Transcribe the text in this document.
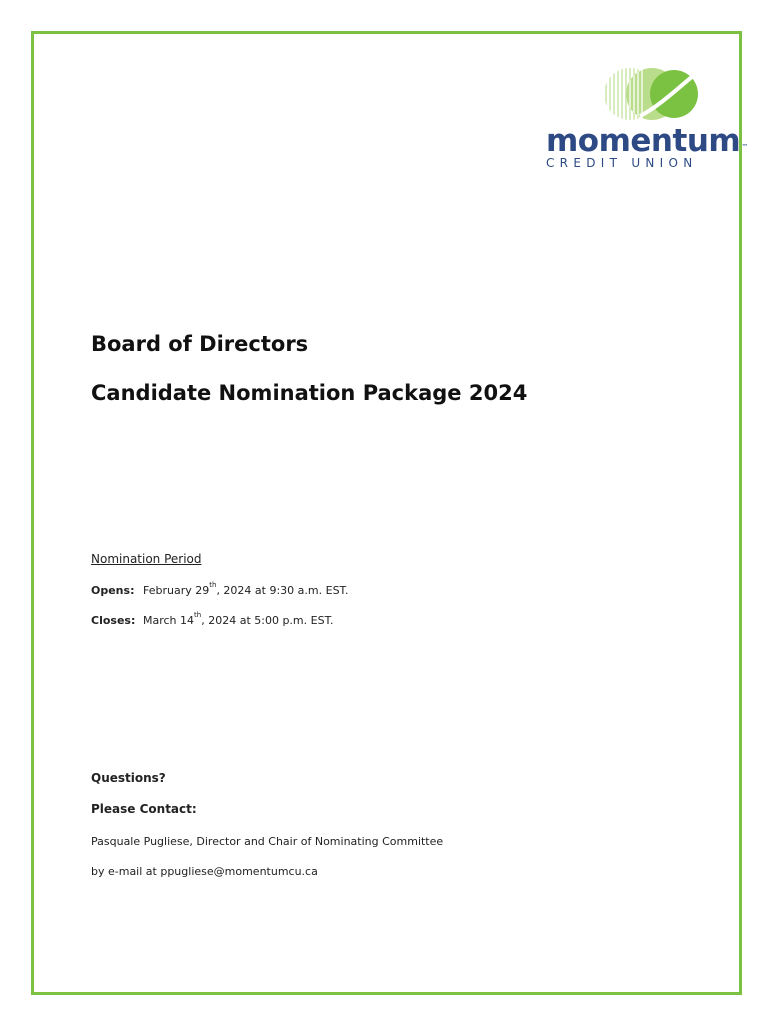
momentum™
CREDIT UNION
Board of Directors
Candidate Nomination Package 2024
Nomination Period
Opens: February 29th, 2024 at 9:30 a.m. EST.
Closes: March 14th, 2024 at 5:00 p.m. EST.
Questions?
Please Contact:
Pasquale Pugliese, Director and Chair of Nominating Committee
by e-mail at ppugliese@momentumcu.ca
